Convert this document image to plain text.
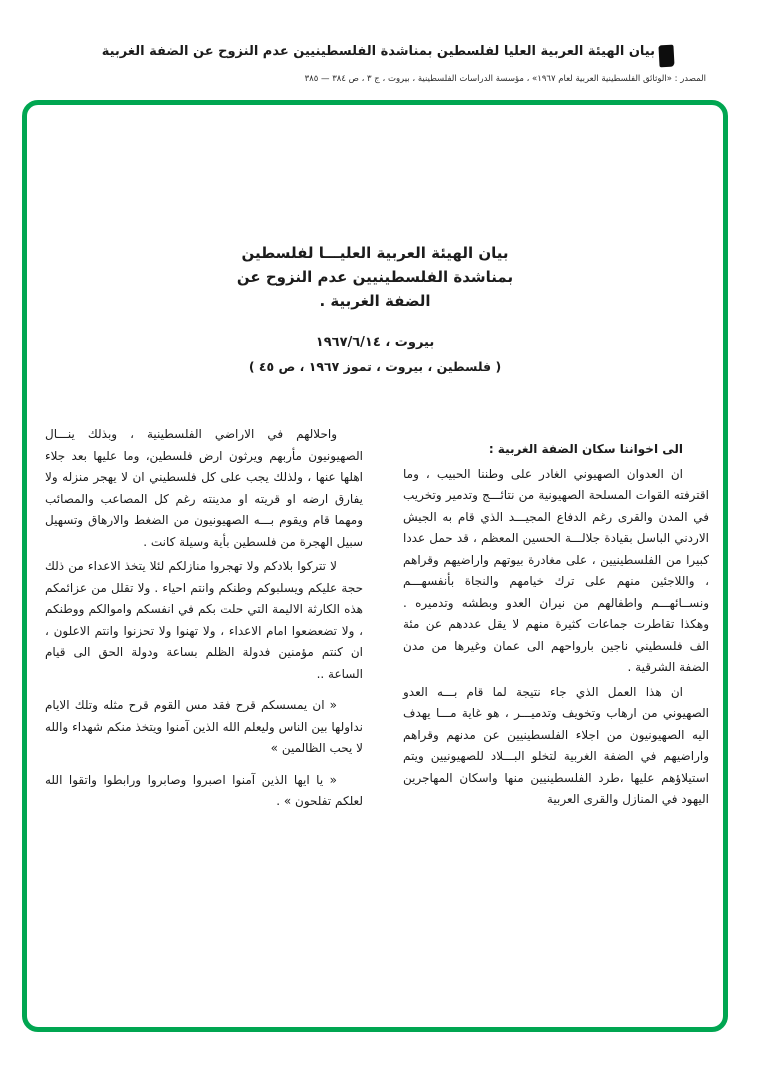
بيان الهيئة العربية العليا لفلسطين بمناشدة الفلسطينيين عدم النزوح عن الضفة الغربية
المصدر : «الوثائق الفلسطينية العربية لعام ١٩٦٧» ، مؤسسة الدراسات الفلسطينية ، بيروت ، ج ٣ ، ص ٣٨٤ — ٣٨٥
بيان الهيئة العربية العليـــا لفلسطين
بمناشدة الفلسطينيين عدم النزوح عن
الضفة الغربية .
بيروت ، ١٩٦٧/٦/١٤
( فلسطين ، بيروت ، تموز ١٩٦٧ ، ص ٤٥ )

الى اخواننا سكان الضفة الغربية :

ان العدوان الصهيوني الغادر على وطننا الحبيب ، وما اقترفته القوات المسلحة الصهيونية من نتائـــج وتدمير وتخريب في المدن والقرى رغم الدفاع المجيـــد الذي قام به الجيش الاردني الباسل بقيادة جلالـــة الحسين المعظم ، قد حمل عددا كبيرا من الفلسطينيين ، على مغادرة بيوتهم واراضيهم وقراهم ، واللاجئين منهم على ترك خيامهم والنجاة بأنفسهـــم ونســائهـــم واطفالهم من نيران العدو وبطشه وتدميره . وهكذا تقاطرت جماعات كثيرة منهم لا يقل عددهم عن مئة الف فلسطيني ناجين بارواحهم الى عمان وغيرها من مدن الضفة الشرقية .

ان هذا العمل الذي جاء نتيجة لما قام بـــه العدو الصهيوني من ارهاب وتخويف وتدميـــر ، هو غاية مـــا يهدف اليه الصهيونيون من اجلاء الفلسطينيين عن مدنهم وقراهم واراضيهم في الضفة الغربية لتخلو البـــلاد للصهيونيين ويتم استيلاؤهم عليها ،طرد الفلسطينيين منها واسكان المهاجرين اليهود في المنازل والقرى العربية

واحلالهم في الاراضي الفلسطينية ، وبذلك ينـــال الصهيونيون مأربهم ويرثون ارض فلسطين، وما عليها بعد جلاء اهلها عنها ، ولذلك يجب على كل فلسطيني ان لا يهجر منزله ولا يفارق ارضه او قريته او مدينته رغم كل المصاعب والمصائب ومهما قام ويقوم بـــه الصهيونيون من الضغط والارهاق وتسهيل سبيل الهجرة من فلسطين بأية وسيلة كانت .

لا تتركوا بلادكم ولا تهجروا منازلكم لئلا يتخذ الاعداء من ذلك حجة عليكم ويسلبوكم وطنكم وانتم احياء . ولا تقلل من عزائمكم هذه الكارثة الاليمة التي حلت بكم في انفسكم واموالكم ووطنكم ، ولا تضعضعوا امام الاعداء ، ولا تهنوا ولا تحزنوا وانتم الاعلون ، ان كنتم مؤمنين فدولة الظلم بساعة ودولة الحق الى قيام الساعة ..

« ان يمسسكم قرح فقد مس القوم قرح مثله وتلك الايام نداولها بين الناس وليعلم الله الذين آمنوا ويتخذ منكم شهداء والله لا يحب الظالمين »

« يا ايها الذين آمنوا اصبروا وصابروا ورابطوا واتقوا الله لعلكم تفلحون » .
